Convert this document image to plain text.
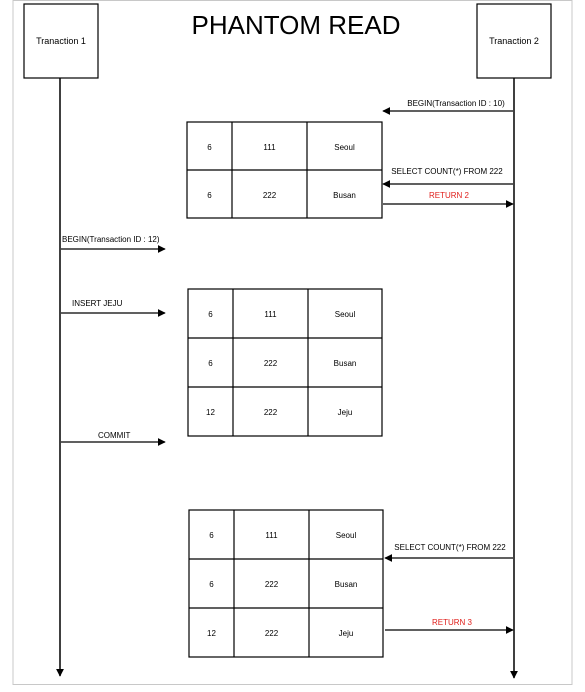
PHANTOM READ
Tranaction 1	Tranaction 2
BEGIN(Transaction ID : 10)
SELECT COUNT(*) FROM 222
RETURN 2
BEGIN(Transaction ID : 12)
INSERT JEJU
COMMIT
SELECT COUNT(*) FROM 222
RETURN 3
6	111	Seoul
6	222	Busan
6	111	Seoul
6	222	Busan
12	222	Jeju
6	111	Seoul
6	222	Busan
12	222	Jeju
